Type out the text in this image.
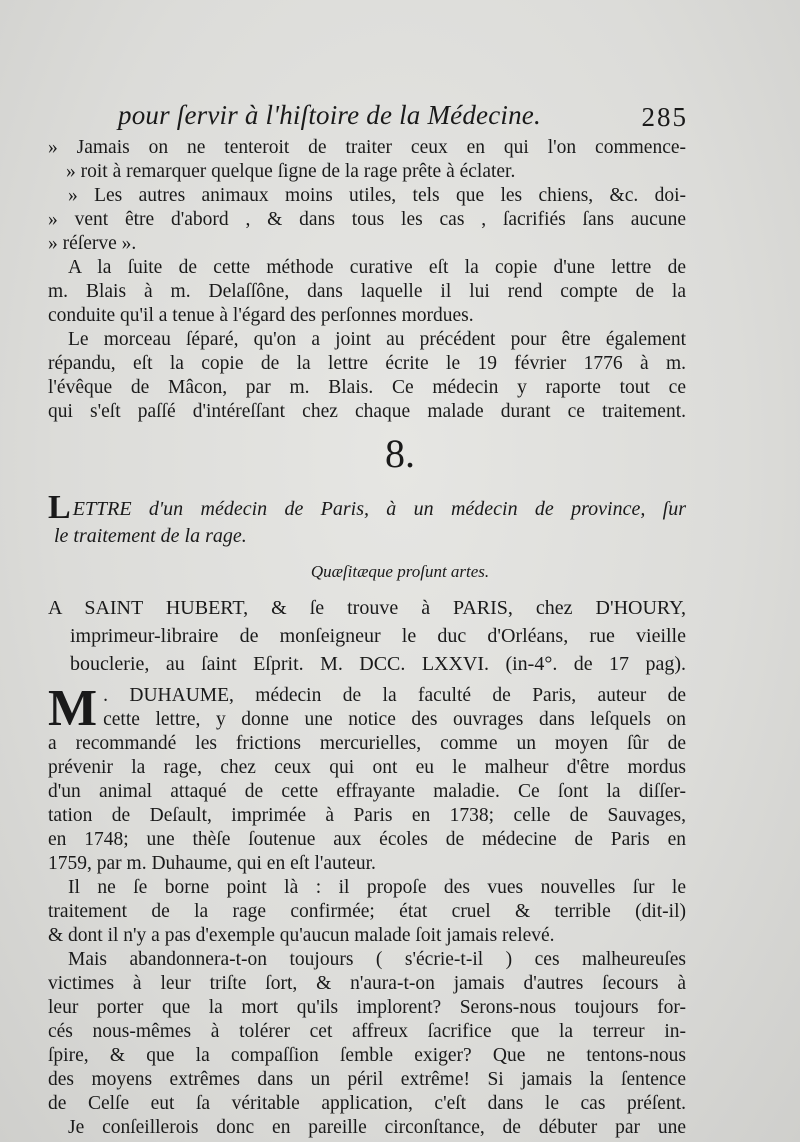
pour ſervir à l'hiſtoire de la Médecine.	285
» Jamais on ne tenteroit de traiter ceux en qui l'on commence-
» roit à remarquer quelque ſigne de la rage prête à éclater.
» Les autres animaux moins utiles, tels que les chiens, &c. doi-
» vent être d'abord , & dans tous les cas , ſacrifiés ſans aucune
» réſerve ».
A la ſuite de cette méthode curative eſt la copie d'une lettre de
m. Blais à m. Delaſſône, dans laquelle il lui rend compte de la
conduite qu'il a tenue à l'égard des perſonnes mordues.
Le morceau ſéparé, qu'on a joint au précédent pour être également
répandu, eſt la copie de la lettre écrite le 19 février 1776 à m.
l'évêque de Mâcon, par m. Blais. Ce médecin y raporte tout ce
qui s'eſt paſſé d'intéreſſant chez chaque malade durant ce traitement.
8.
LETTRE d'un médecin de Paris, à un médecin de province, ſur
le traitement de la rage.
Quæſitæque proſunt artes.
A SAINT HUBERT, & ſe trouve à PARIS, chez D'HOURY,
imprimeur-libraire de monſeigneur le duc d'Orléans, rue vieille
bouclerie, au ſaint Eſprit. M. DCC. LXXVI. (in-4°. de 17 pag).
M . DUHAUME, médecin de la faculté de Paris, auteur de
cette lettre, y donne une notice des ouvrages dans leſquels on
a recommandé les frictions mercurielles, comme un moyen ſûr de
prévenir la rage, chez ceux qui ont eu le malheur d'être mordus
d'un animal attaqué de cette effrayante maladie. Ce ſont la diſſer-
tation de Deſault, imprimée à Paris en 1738; celle de Sauvages,
en 1748; une thèſe ſoutenue aux écoles de médecine de Paris en
1759, par m. Duhaume, qui en eſt l'auteur.
Il ne ſe borne point là : il propoſe des vues nouvelles ſur le
traitement de la rage confirmée; état cruel & terrible (dit-il)
& dont il n'y a pas d'exemple qu'aucun malade ſoit jamais relevé.
Mais abandonnera-t-on toujours ( s'écrie-t-il ) ces malheureuſes
victimes à leur triſte ſort, & n'aura-t-on jamais d'autres ſecours à
leur porter que la mort qu'ils implorent? Serons-nous toujours for-
cés nous-mêmes à tolérer cet affreux ſacrifice que la terreur in-
ſpire, & que la compaſſion ſemble exiger? Que ne tentons-nous
des moyens extrêmes dans un péril extrême! Si jamais la ſentence
de Celſe eut ſa véritable application, c'eſt dans le cas préſent.
Je conſeillerois donc en pareille circonſtance, de débuter par une
